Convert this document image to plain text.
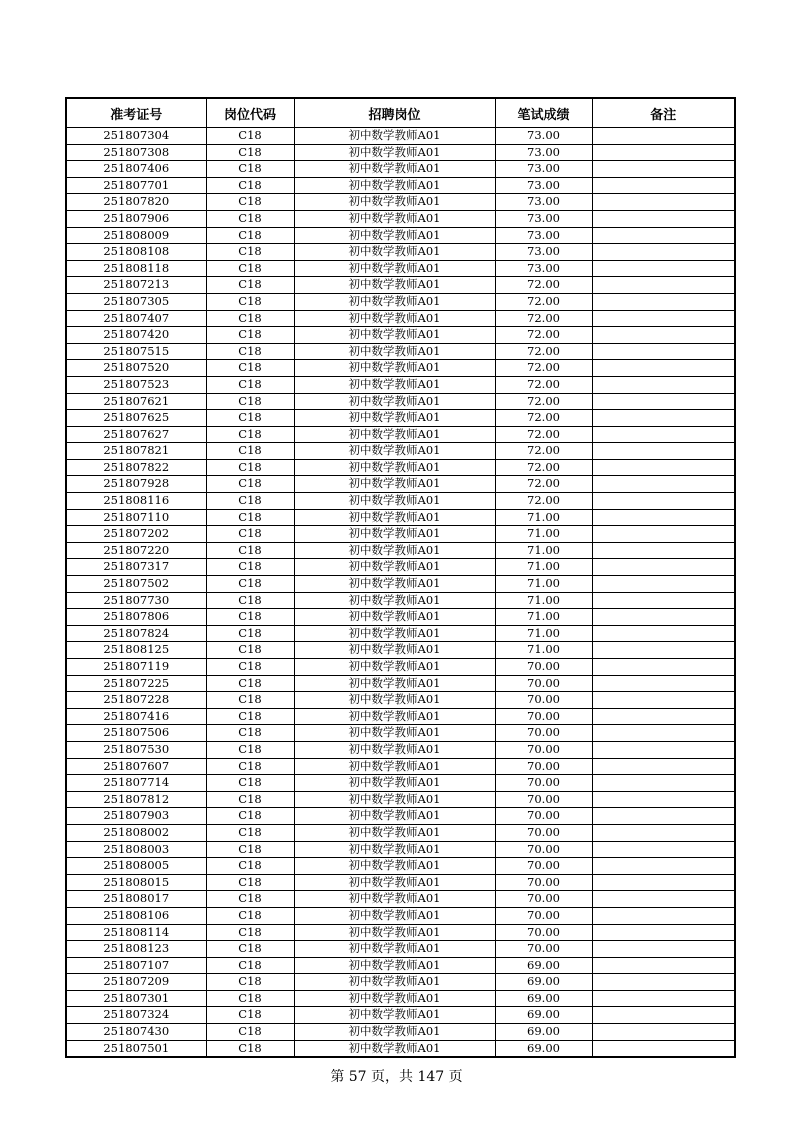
准考证号	岗位代码	招聘岗位	笔试成绩	备注
251807304	C18	初中数学教师A01	73.00	
251807308	C18	初中数学教师A01	73.00	
251807406	C18	初中数学教师A01	73.00	
251807701	C18	初中数学教师A01	73.00	
251807820	C18	初中数学教师A01	73.00	
251807906	C18	初中数学教师A01	73.00	
251808009	C18	初中数学教师A01	73.00	
251808108	C18	初中数学教师A01	73.00	
251808118	C18	初中数学教师A01	73.00	
251807213	C18	初中数学教师A01	72.00	
251807305	C18	初中数学教师A01	72.00	
251807407	C18	初中数学教师A01	72.00	
251807420	C18	初中数学教师A01	72.00	
251807515	C18	初中数学教师A01	72.00	
251807520	C18	初中数学教师A01	72.00	
251807523	C18	初中数学教师A01	72.00	
251807621	C18	初中数学教师A01	72.00	
251807625	C18	初中数学教师A01	72.00	
251807627	C18	初中数学教师A01	72.00	
251807821	C18	初中数学教师A01	72.00	
251807822	C18	初中数学教师A01	72.00	
251807928	C18	初中数学教师A01	72.00	
251808116	C18	初中数学教师A01	72.00	
251807110	C18	初中数学教师A01	71.00	
251807202	C18	初中数学教师A01	71.00	
251807220	C18	初中数学教师A01	71.00	
251807317	C18	初中数学教师A01	71.00	
251807502	C18	初中数学教师A01	71.00	
251807730	C18	初中数学教师A01	71.00	
251807806	C18	初中数学教师A01	71.00	
251807824	C18	初中数学教师A01	71.00	
251808125	C18	初中数学教师A01	71.00	
251807119	C18	初中数学教师A01	70.00	
251807225	C18	初中数学教师A01	70.00	
251807228	C18	初中数学教师A01	70.00	
251807416	C18	初中数学教师A01	70.00	
251807506	C18	初中数学教师A01	70.00	
251807530	C18	初中数学教师A01	70.00	
251807607	C18	初中数学教师A01	70.00	
251807714	C18	初中数学教师A01	70.00	
251807812	C18	初中数学教师A01	70.00	
251807903	C18	初中数学教师A01	70.00	
251808002	C18	初中数学教师A01	70.00	
251808003	C18	初中数学教师A01	70.00	
251808005	C18	初中数学教师A01	70.00	
251808015	C18	初中数学教师A01	70.00	
251808017	C18	初中数学教师A01	70.00	
251808106	C18	初中数学教师A01	70.00	
251808114	C18	初中数学教师A01	70.00	
251808123	C18	初中数学教师A01	70.00	
251807107	C18	初中数学教师A01	69.00	
251807209	C18	初中数学教师A01	69.00	
251807301	C18	初中数学教师A01	69.00	
251807324	C18	初中数学教师A01	69.00	
251807430	C18	初中数学教师A01	69.00	
251807501	C18	初中数学教师A01	69.00	
第 57 页，共 147 页
